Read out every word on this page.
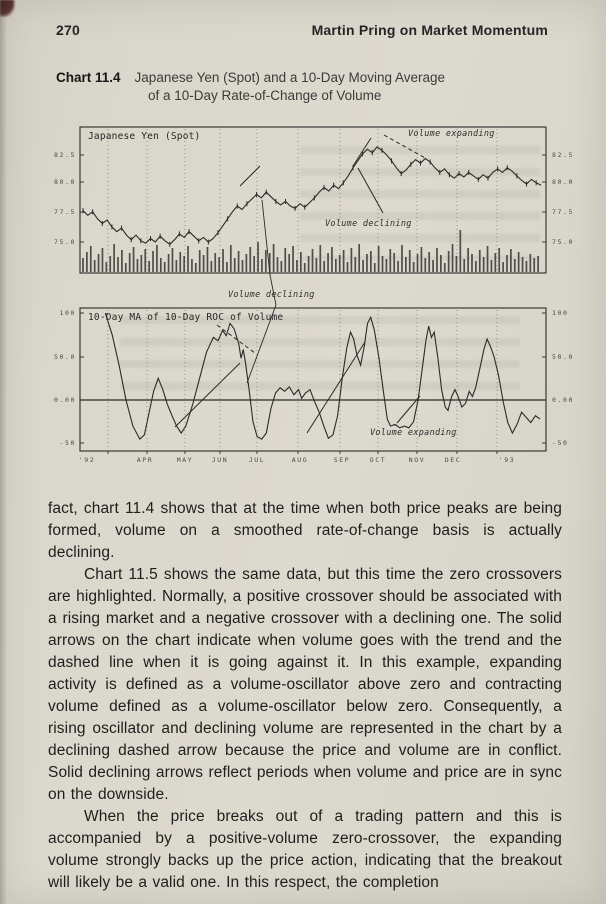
270	Martin Pring on Market Momentum
Chart 11.4 Japanese Yen (Spot) and a 10-Day Moving Average
of a 10-Day Rate-of-Change of Volume
82.5	82.5
80.0	80.0
77.5	77.5
75.0	75.0
100	100
50.0	50.0
0.00	0.00
-50	-50
'92	APR	MAY	JUN	JUL	AUG	SEP	OCT	NOV	DEC	'93
Japanese Yen (Spot)
10-Day MA of 10-Day ROC of Volume
Volume expanding
Volume declining
Volume expanding
Volume declining

fact, chart 11.4 shows that at the time when both price peaks are being formed, volume on a smoothed rate-of-change basis is actually declining.

Chart 11.5 shows the same data, but this time the zero crossovers are highlighted. Normally, a positive crossover should be associated with a rising market and a negative crossover with a declining one. The solid arrows on the chart indicate when volume goes with the trend and the dashed line when it is going against it. In this example, expanding activity is defined as a volume-oscillator above zero and contracting volume defined as a volume-oscillator below zero. Consequently, a rising oscillator and declining volume are represented in the chart by a declining dashed arrow because the price and volume are in conflict. Solid declining arrows reflect periods when volume and price are in sync on the downside.

When the price breaks out of a trading pattern and this is accompanied by a positive-volume zero-crossover, the expanding volume strongly backs up the price action, indicating that the breakout will likely be a valid one. In this respect, the completion
